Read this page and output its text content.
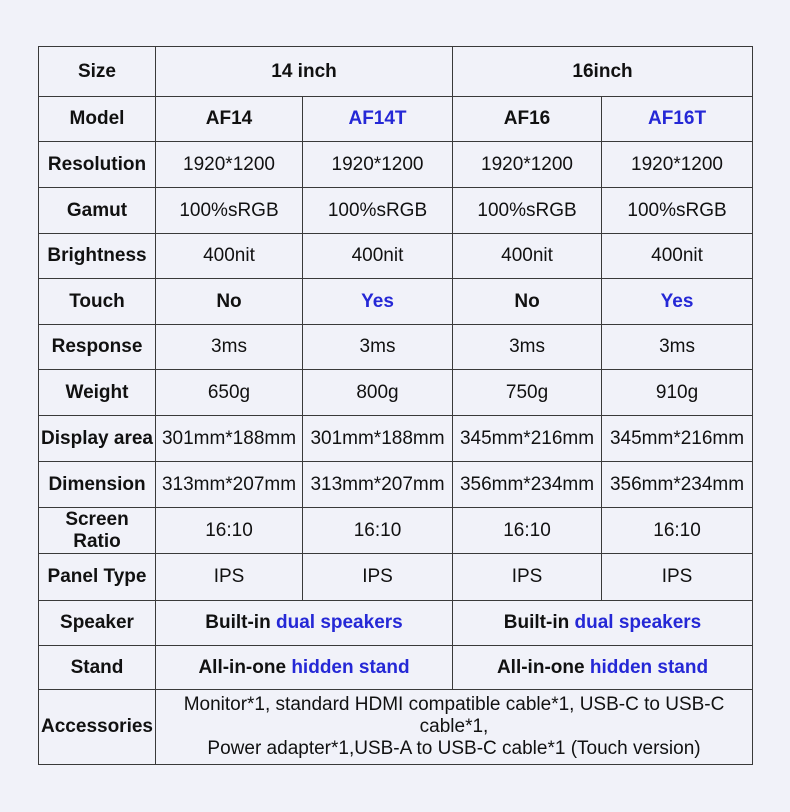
Size	14 inch		16inch	
Model	AF14	AF14T	AF16	AF16T
Resolution	1920*1200	1920*1200	1920*1200	1920*1200
Gamut	100%sRGB	100%sRGB	100%sRGB	100%sRGB
Brightness	400nit	400nit	400nit	400nit
Touch	No	Yes	No	Yes
Response	3ms	3ms	3ms	3ms
Weight	650g	800g	750g	910g
Display area	301mm*188mm	301mm*188mm	345mm*216mm	345mm*216mm
Dimension	313mm*207mm	313mm*207mm	356mm*234mm	356mm*234mm
Screen Ratio	16:10	16:10	16:10	16:10
Panel Type	IPS	IPS	IPS	IPS
Speaker	Built-in dual speakers		Built-in dual speakers	
Stand	All-in-one hidden stand		All-in-one hidden stand	
Accessories	Monitor*1, standard HDMI compatible cable*1, USB-C to USB-C cable*1,
Power adapter*1,USB-A to USB-C cable*1 (Touch version)			
